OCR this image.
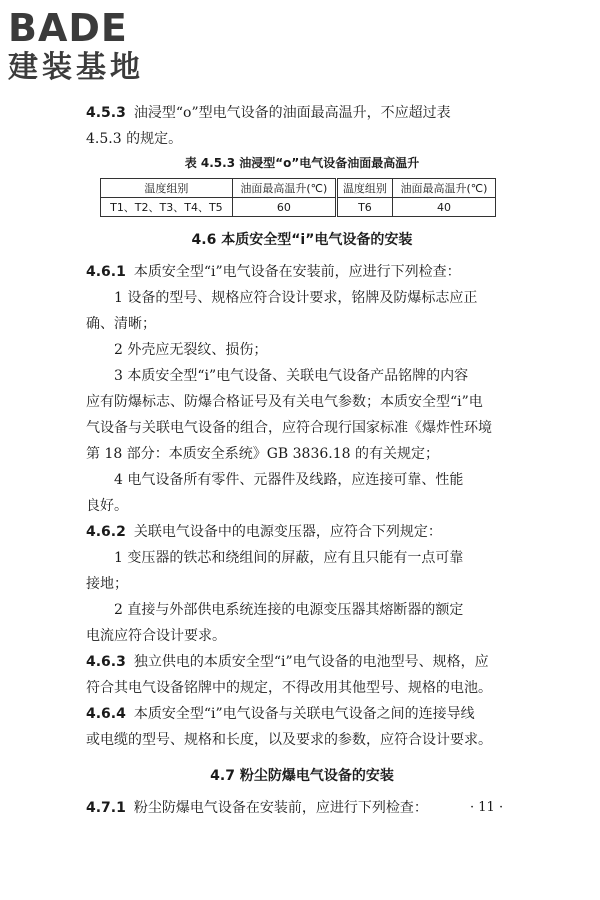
BADE
建装基地
4.5.3 油浸型“o”型电气设备的油面最高温升，不应超过表
4.5.3 的规定。
表 4.5.3 油浸型“o”电气设备油面最高温升
温度组别	油面最高温升(℃)	温度组别	油面最高温升(℃)
T1、T2、T3、T4、T5	60	T6	40
4.6 本质安全型“i”电气设备的安装
4.6.1 本质安全型“i”电气设备在安装前，应进行下列检查：
1 设备的型号、规格应符合设计要求，铭牌及防爆标志应正
确、清晰；
2 外壳应无裂纹、损伤；
3 本质安全型“i”电气设备、关联电气设备产品铭牌的内容
应有防爆标志、防爆合格证号及有关电气参数；本质安全型“i”电
气设备与关联电气设备的组合，应符合现行国家标准《爆炸性环境
第 18 部分：本质安全系统》GB 3836.18 的有关规定；
4 电气设备所有零件、元器件及线路，应连接可靠、性能
良好。
4.6.2 关联电气设备中的电源变压器，应符合下列规定：
1 变压器的铁芯和绕组间的屏蔽，应有且只能有一点可靠
接地；
2 直接与外部供电系统连接的电源变压器其熔断器的额定
电流应符合设计要求。
4.6.3 独立供电的本质安全型“i”电气设备的电池型号、规格，应
符合其电气设备铭牌中的规定，不得改用其他型号、规格的电池。
4.6.4 本质安全型“i”电气设备与关联电气设备之间的连接导线
或电缆的型号、规格和长度，以及要求的参数，应符合设计要求。
4.7 粉尘防爆电气设备的安装
4.7.1 粉尘防爆电气设备在安装前，应进行下列检查：	· 11 ·
